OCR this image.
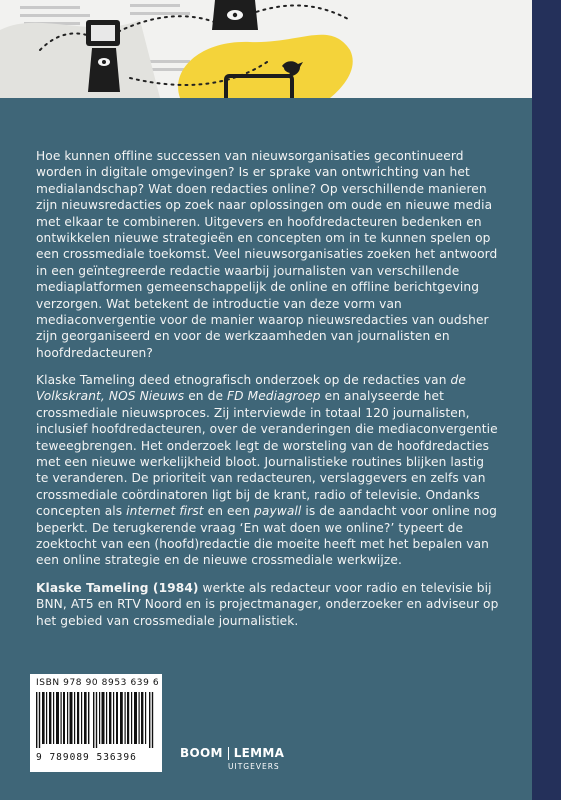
Hoe kunnen offline successen van nieuwsorganisaties gecontinueerd worden in digitale omgevingen? Is er sprake van ontwrichting van het medialandschap? Wat doen redacties online? Op verschillende manieren zijn nieuwsredacties op zoek naar oplossingen om oude en nieuwe media met elkaar te combineren. Uitgevers en hoofdredacteuren bedenken en ontwikkelen nieuwe strategieën en concepten om in te kunnen spelen op een crossmediale toekomst. Veel nieuwsorganisaties zoeken het antwoord in een geïntegreerde redactie waarbij journalisten van verschillende mediaplatformen gemeenschappelijk de online en offline berichtgeving verzorgen. Wat betekent de introductie van deze vorm van mediaconvergentie voor de manier waarop nieuwsredacties van oudsher zijn georganiseerd en voor de werkzaamheden van journalisten en hoofdredacteuren?

Klaske Tameling deed etnografisch onderzoek op de redacties van de Volkskrant, NOS Nieuws en de FD Mediagroep en analyseerde het crossmediale nieuwsproces. Zij interviewde in totaal 120 journalisten, inclusief hoofdredacteuren, over de veranderingen die mediaconvergentie teweegbrengen. Het onderzoek legt de worsteling van de hoofdredacties met een nieuwe werkelijkheid bloot. Journalistieke routines blijken lastig te veranderen. De prioriteit van redacteuren, verslaggevers en zelfs van crossmediale coördinatoren ligt bij de krant, radio of televisie. Ondanks concepten als internet first en een paywall is de aandacht voor online nog beperkt. De terugkerende vraag ‘En wat doen we online?’ typeert de zoektocht van een (hoofd)redactie die moeite heeft met het bepalen van een online strategie en de nieuwe crossmediale werkwijze.

Klaske Tameling (1984) werkte als redacteur voor radio en televisie bij BNN, AT5 en RTV Noord en is projectmanager, onderzoeker en adviseur op het gebied van crossmediale journalistiek.

ISBN 978 90 8953 639 6
9 789089 536396	BOOM LEMMA
UITGEVERS
